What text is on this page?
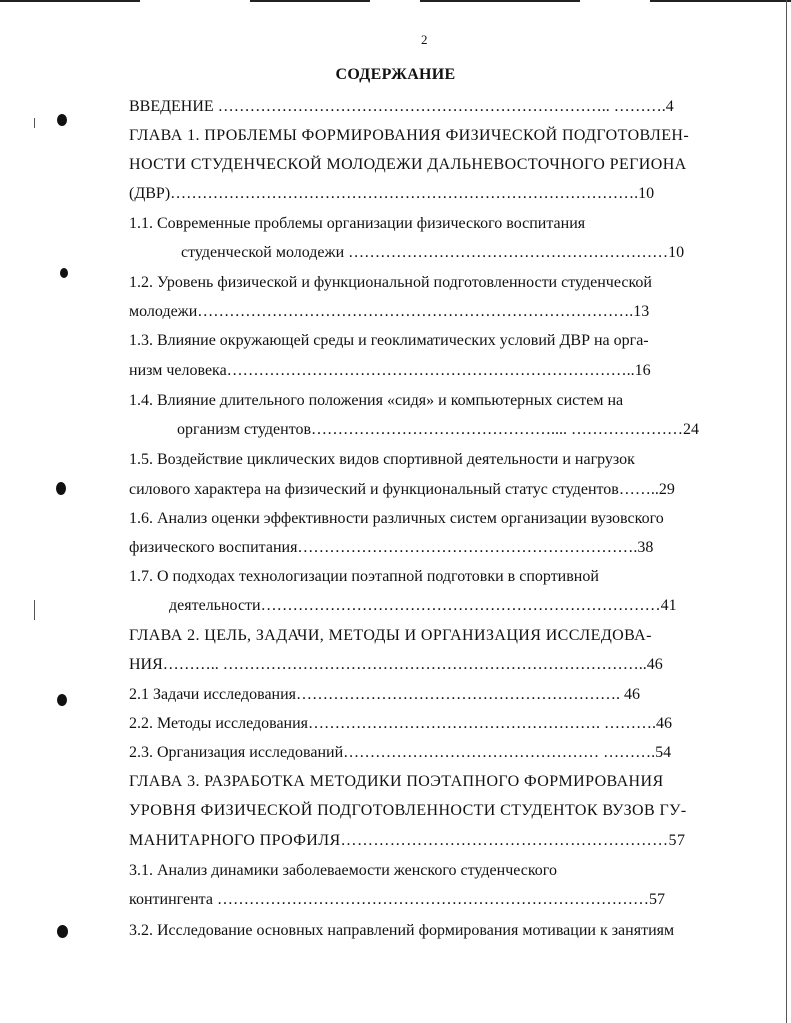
2
СОДЕРЖАНИЕ
ВВЕДЕНИЕ ……………………………………………………………….. ……….4
ГЛАВА 1. ПРОБЛЕМЫ ФОРМИРОВАНИЯ ФИЗИЧЕСКОЙ ПОДГОТОВЛЕН-
НОСТИ СТУДЕНЧЕСКОЙ МОЛОДЕЖИ ДАЛЬНЕВОСТОЧНОГО РЕГИОНА
(ДВР)…………………………………………………………………………….10
1.1. Современные проблемы организации физического воспитания
студенческой молодежи ……………………………………………………10
1.2. Уровень физической и функциональной подготовленности студенческой
молодежи……………………………………………………………………….13
1.3. Влияние окружающей среды и геоклиматических условий ДВР на орга-
низм человека…………………………………………………………………..16
1.4. Влияние длительного положения «сидя» и компьютерных систем на
организм студентов……………………………………….... …………………24
1.5. Воздействие циклических видов спортивной деятельности и нагрузок
силового характера на физический и функциональный статус студентов……..29
1.6. Анализ оценки эффективности различных систем организации вузовского
физического воспитания……………………………………………………….38
1.7. О подходах технологизации поэтапной подготовки в спортивной
деятельности…………………………………………………………………41
ГЛАВА 2. ЦЕЛЬ, ЗАДАЧИ, МЕТОДЫ И ОРГАНИЗАЦИЯ ИССЛЕДОВА-
НИЯ……….. ……………………………………………………………………..46
2.1 Задачи исследования……………………………………………………. 46
2.2. Методы исследования………………………………………………. ……….46
2.3. Организация исследований………………………………………… ……….54
ГЛАВА 3. РАЗРАБОТКА МЕТОДИКИ ПОЭТАПНОГО ФОРМИРОВАНИЯ
УРОВНЯ ФИЗИЧЕСКОЙ ПОДГОТОВЛЕННОСТИ СТУДЕНТОК ВУЗОВ ГУ-
МАНИТАРНОГО ПРОФИЛЯ……………………………………………………57
3.1. Анализ динамики заболеваемости женского студенческого
контингента ………………………………………………………………………57
3.2. Исследование основных направлений формирования мотивации к занятиям
